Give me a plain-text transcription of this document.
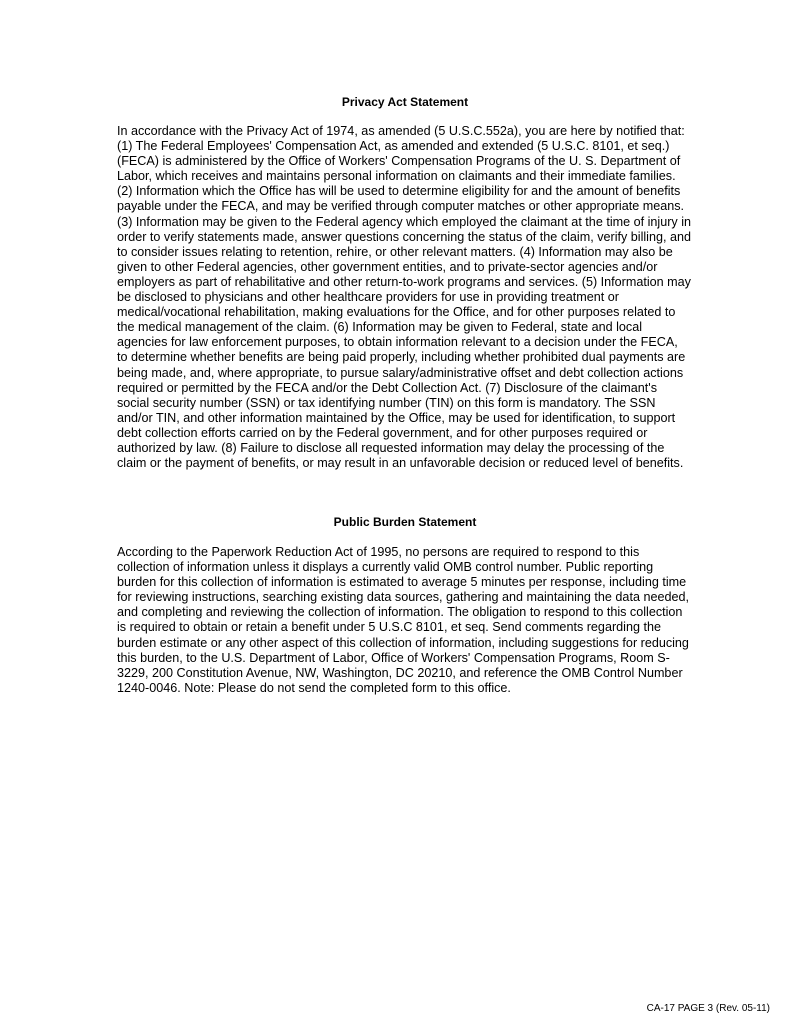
Privacy Act Statement

In accordance with the Privacy Act of 1974, as amended (5 U.S.C.552a), you are here by notified that: (1) The Federal Employees' Compensation Act, as amended and extended (5 U.S.C. 8101, et seq.) (FECA) is administered by the Office of Workers' Compensation Programs of the U. S. Department of Labor, which receives and maintains personal information on claimants and their immediate families. (2) Information which the Office has will be used to determine eligibility for and the amount of benefits payable under the FECA, and may be verified through computer matches or other appropriate means. (3) Information may be given to the Federal agency which employed the claimant at the time of injury in order to verify statements made, answer questions concerning the status of the claim, verify billing, and to consider issues relating to retention, rehire, or other relevant matters. (4) Information may also be given to other Federal agencies, other government entities, and to private-sector agencies and/or employers as part of rehabilitative and other return-to-work programs and services. (5) Information may be disclosed to physicians and other healthcare providers for use in providing treatment or medical/vocational rehabilitation, making evaluations for the Office, and for other purposes related to the medical management of the claim. (6) Information may be given to Federal, state and local agencies for law enforcement purposes, to obtain information relevant to a decision under the FECA, to determine whether benefits are being paid properly, including whether prohibited dual payments are being made, and, where appropriate, to pursue salary/administrative offset and debt collection actions required or permitted by the FECA and/or the Debt Collection Act. (7) Disclosure of the claimant's social security number (SSN) or tax identifying number (TIN) on this form is mandatory. The SSN and/or TIN, and other information maintained by the Office, may be used for identification, to support debt collection efforts carried on by the Federal government, and for other purposes required or authorized by law. (8) Failure to disclose all requested information may delay the processing of the claim or the payment of benefits, or may result in an unfavorable decision or reduced level of benefits.

Public Burden Statement

According to the Paperwork Reduction Act of 1995, no persons are required to respond to this collection of information unless it displays a currently valid OMB control number. Public reporting burden for this collection of information is estimated to average 5 minutes per response, including time for reviewing instructions, searching existing data sources, gathering and maintaining the data needed, and completing and reviewing the collection of information. The obligation to respond to this collection is required to obtain or retain a benefit under 5 U.S.C 8101, et seq. Send comments regarding the burden estimate or any other aspect of this collection of information, including suggestions for reducing this burden, to the U.S. Department of Labor, Office of Workers' Compensation Programs, Room S-3229, 200 Constitution Avenue, NW, Washington, DC 20210, and reference the OMB Control Number 1240-0046. Note: Please do not send the completed form to this office.

CA-17 PAGE 3 (Rev. 05-11)
